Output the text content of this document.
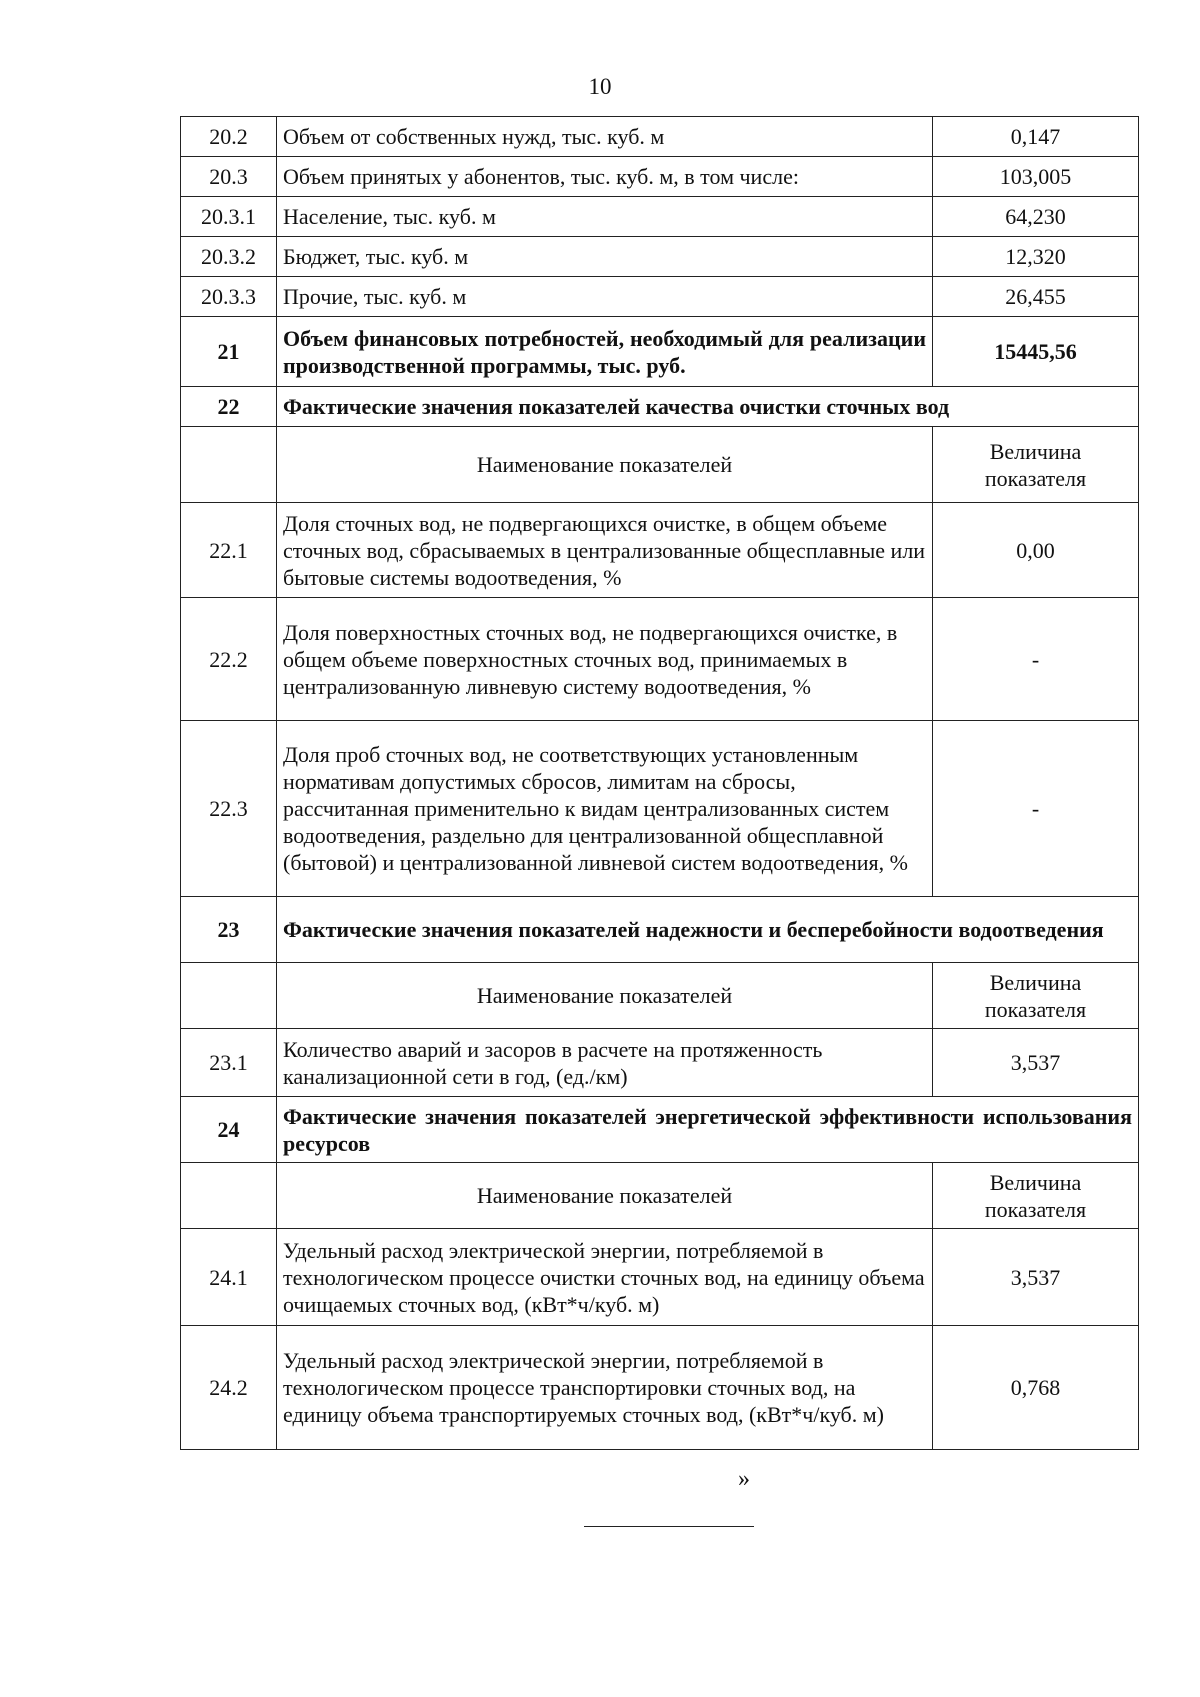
10
20.2	Объем от собственных нужд, тыс. куб. м	0,147
20.3	Объем принятых у абонентов, тыс. куб. м, в том числе:	103,005
20.3.1	Население, тыс. куб. м	64,230
20.3.2	Бюджет, тыс. куб. м	12,320
20.3.3	Прочие, тыс. куб. м	26,455
21	Объем финансовых потребностей, необходимый для реализации производственной программы, тыс. руб.	15445,56
22	Фактические значения показателей качества очистки сточных вод	
	Наименование показателей	Величина показателя
22.1	Доля сточных вод, не подвергающихся очистке, в общем объеме сточных вод, сбрасываемых в централизованные общесплавные или бытовые системы водоотведения, %	0,00
22.2	Доля поверхностных сточных вод, не подвергающихся очистке, в общем объеме поверхностных сточных вод, принимаемых в централизованную ливневую систему водоотведения, %	-
22.3	Доля проб сточных вод, не соответствующих установленным нормативам допустимых сбросов, лимитам на сбросы, рассчитанная применительно к видам централизованных систем водоотведения, раздельно для централизованной общесплавной (бытовой) и централизованной ливневой систем водоотведения, %	-
23	Фактические значения показателей надежности и бесперебойности водоотведения	
	Наименование показателей	Величина показателя
23.1	Количество аварий и засоров в расчете на протяженность канализационной сети в год, (ед./км)	3,537
24	Фактические значения показателей энергетической эффективности использования ресурсов	
	Наименование показателей	Величина показателя
24.1	Удельный расход электрической энергии, потребляемой в технологическом процессе очистки сточных вод, на единицу объема очищаемых сточных вод, (кВт*ч/куб. м)	3,537
24.2	Удельный расход электрической энергии, потребляемой в технологическом процессе транспортировки сточных вод, на единицу объема транспортируемых сточных вод, (кВт*ч/куб. м)	0,768
»
